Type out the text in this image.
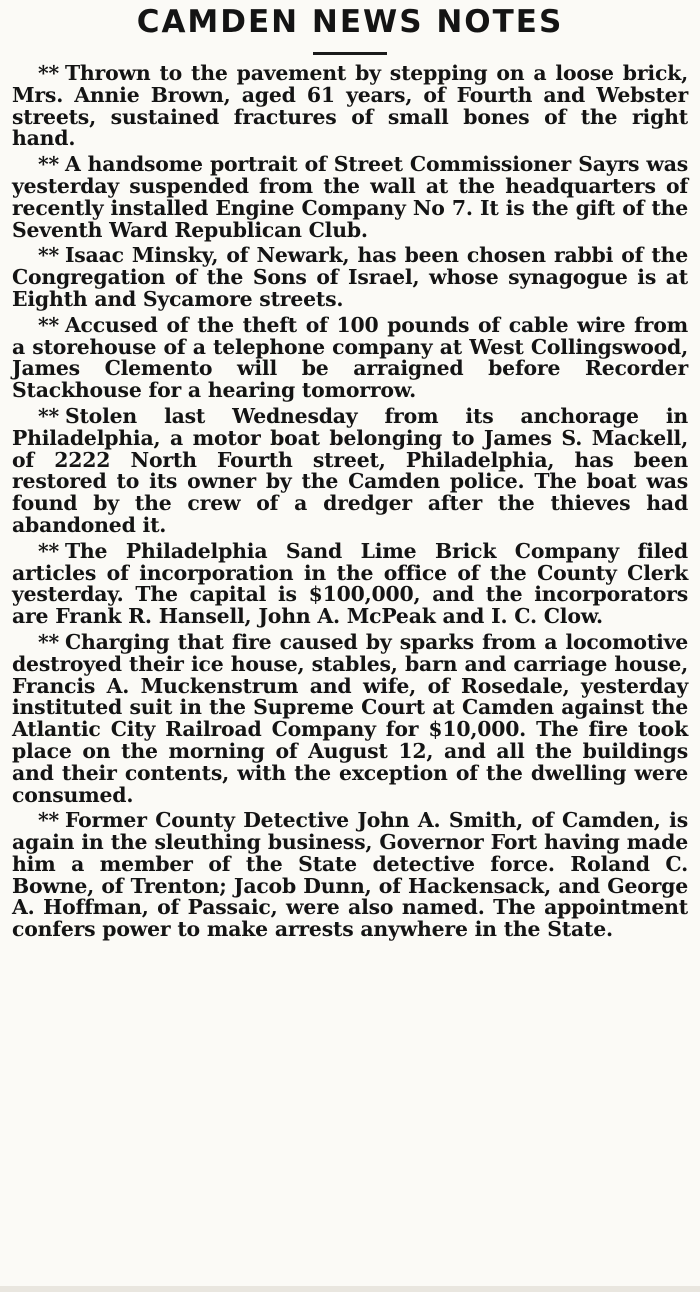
CAMDEN NEWS NOTES

** Thrown to the pavement by stepping on a loose brick, Mrs. Annie Brown, aged 61 years, of Fourth and Webster streets, sustained fractures of small bones of the right hand.

** A handsome portrait of Street Commissioner Sayrs was yesterday suspended from the wall at the headquarters of recently installed Engine Company No 7. It is the gift of the Seventh Ward Republican Club.

** Isaac Minsky, of Newark, has been chosen rabbi of the Congregation of the Sons of Israel, whose synagogue is at Eighth and Sycamore streets.

** Accused of the theft of 100 pounds of cable wire from a storehouse of a telephone company at West Collingswood, James Clemento will be arraigned before Recorder Stackhouse for a hearing tomorrow.

** Stolen last Wednesday from its anchorage in Philadelphia, a motor boat belonging to James S. Mackell, of 2222 North Fourth street, Philadelphia, has been restored to its owner by the Camden police. The boat was found by the crew of a dredger after the thieves had abandoned it.

** The Philadelphia Sand Lime Brick Company filed articles of incorporation in the office of the County Clerk yesterday. The capital is $100,000, and the incorporators are Frank R. Hansell, John A. McPeak and I. C. Clow.

** Charging that fire caused by sparks from a locomotive destroyed their ice house, stables, barn and carriage house, Francis A. Muckenstrum and wife, of Rosedale, yesterday instituted suit in the Supreme Court at Camden against the Atlantic City Railroad Company for $10,000. The fire took place on the morning of August 12, and all the buildings and their contents, with the exception of the dwelling were consumed.

** Former County Detective John A. Smith, of Camden, is again in the sleuthing business, Governor Fort having made him a member of the State detective force. Roland C. Bowne, of Trenton; Jacob Dunn, of Hackensack, and George A. Hoffman, of Passaic, were also named. The appointment confers power to make arrests anywhere in the State.
